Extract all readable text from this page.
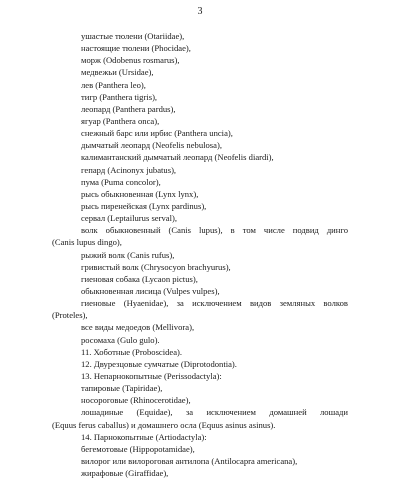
3
ушастые тюлени (Otariidae),
настоящие тюлени (Phocidae),
морж (Odobenus rosmarus),
медвежьи (Ursidae),
лев (Panthera leo),
тигр (Panthera tigris),
леопард (Panthera pardus),
ягуар (Panthera onca),
снежный барс или ирбис (Panthera uncia),
дымчатый леопард (Neofelis nebulosa),
калимантанский дымчатый леопард (Neofelis diardi),
гепард (Acinonyx jubatus),
пума (Puma concolor),
рысь обыкновенная (Lynx lynx),
рысь пиренейская (Lynx pardinus),
сервал (Leptailurus serval),
волк обыкновенный (Canis lupus), в том числе подвид динго
(Canis lupus dingo),
рыжий волк (Canis rufus),
гривистый волк (Chrysocyon brachyurus),
гиеновая собака (Lycaon pictus),
обыкновенная лисица (Vulpes vulpes),
гиеновые (Hyaenidae), за исключением видов земляных волков
(Proteles),
все виды медоедов (Mellivora),
росомаха (Gulo gulo).
11. Хоботные (Proboscidea).
12. Двурезцовые сумчатые (Diprotodontia).
13. Непарнокопытные (Perissodactyla):
тапировые (Tapiridae),
носороговые (Rhinocerotidae),
лошадиные (Equidae), за исключением домашней лошади
(Equus ferus caballus) и домашнего осла (Equus asinus asinus).
14. Парнокопытные (Artiodactyla):
бегемотовые (Hippopotamidae),
вилорог или вилороговая антилопа (Antilocapra americana),
жирафовые (Giraffidae),
